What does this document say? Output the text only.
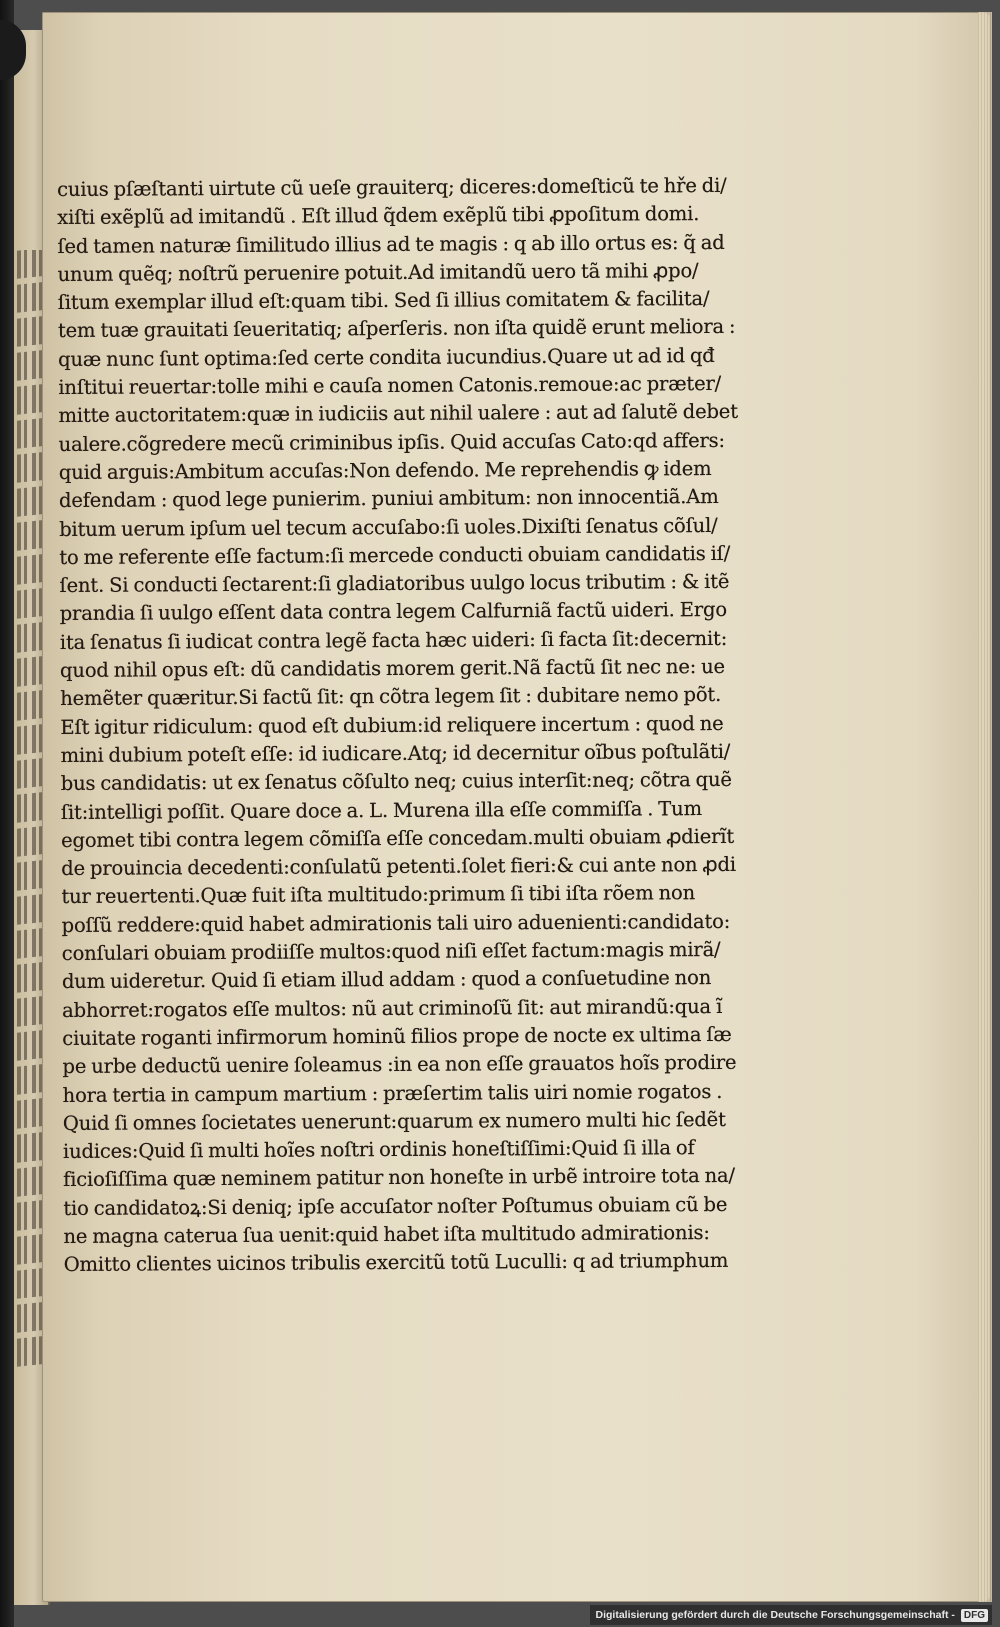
cuius pſæſtanti uirtute cũ ueſe grauiterq; diceres:domeſticũ te hře di/
xiſti exẽplũ ad imitandũ . Eſt illud q̃dem exẽplũ tibi ꝓpoſitum domi.
ſed tamen naturæ ſimilitudo illius ad te magis : q ab illo ortus es: q̃ ad
unum quẽq; noſtrũ peruenire potuit.Ad imitandũ uero tã mihi ꝓpo/
ſitum exemplar illud eſt:quam tibi. Sed ſi illius comitatem & facilita/
tem tuæ grauitati ſeueritatiq; aſperſeris. non iſta quidẽ erunt meliora :
quæ nunc ſunt optima:ſed certe condita iucundius.Quare ut ad id qđ
inſtitui reuertar:tolle mihi e cauſa nomen Catonis.remoue:ac præter/
mitte auctoritatem:quæ in iudiciis aut nihil ualere : aut ad ſalutẽ debet
ualere.cõgredere mecũ criminibus ipſis. Quid accuſas Cato:qd affers:
quid arguis:Ambitum accuſas:Non defendo. Me reprehendis ꝙ idem
defendam : quod lege punierim. puniui ambitum: non innocentiã.Am
bitum uerum ipſum uel tecum accuſabo:ſi uoles.Dixiſti ſenatus cõſul/
to me referente eſſe factum:ſi mercede conducti obuiam candidatis iſ/
ſent. Si conducti ſectarent:ſi gladiatoribus uulgo locus tributim : & itẽ
prandia ſi uulgo eſſent data contra legem Calfurniã factũ uideri. Ergo
ita ſenatus ſi iudicat contra legẽ facta hæc uideri: ſi facta ſit:decernit:
quod nihil opus eſt: dũ candidatis morem gerit.Nã factũ ſit nec ne: ue
hemẽter quæritur.Si factũ ſit: qn cõtra legem ſit : dubitare nemo põt.
Eſt igitur ridiculum: quod eſt dubium:id reliquere incertum : quod ne
mini dubium poteſt eſſe: id iudicare.Atq; id decernitur oĩbus poſtulãti/
bus candidatis: ut ex ſenatus cõſulto neq; cuius interſit:neq; cõtra quẽ
ſit:intelligi poſſit. Quare doce a. L. Murena illa eſſe commiſſa . Tum
egomet tibi contra legem cõmiſſa eſſe concedam.multi obuiam ꝓdierĩt
de prouincia decedenti:conſulatũ petenti.ſolet fieri:& cui ante non ꝓdi
tur reuertenti.Quæ fuit iſta multitudo:primum ſi tibi iſta rõem non
poſſũ reddere:quid habet admirationis tali uiro aduenienti:candidato:
conſulari obuiam prodiiſſe multos:quod niſi eſſet factum:magis mirã/
dum uideretur. Quid ſi etiam illud addam : quod a conſuetudine non
abhorret:rogatos eſſe multos: nũ aut criminoſũ ſit: aut mirandũ:qua ĩ
ciuitate roganti infirmorum hominũ filios prope de nocte ex ultima ſæ
pe urbe deductũ uenire ſoleamus :in ea non eſſe grauatos hoĩs prodire
hora tertia in campum martium : præſertim talis uiri nomie rogatos .
Quid ſi omnes ſocietates uenerunt:quarum ex numero multi hic ſedẽt
iudices:Quid ſi multi hoĩes noſtri ordinis honeſtiſſimi:Quid ſi illa of
ficioſiſſima quæ neminem patitur non honeſte in urbẽ introire tota na/
tio candidatoꝝ:Si deniq; ipſe accuſator noſter Poſtumus obuiam cũ be
ne magna caterua ſua uenit:quid habet iſta multitudo admirationis:
Omitto clientes uicinos tribulis exercitũ totũ Luculli: q ad triumphum
Digitalisierung gefördert durch die Deutsche Forschungsgemeinschaft - DFG
